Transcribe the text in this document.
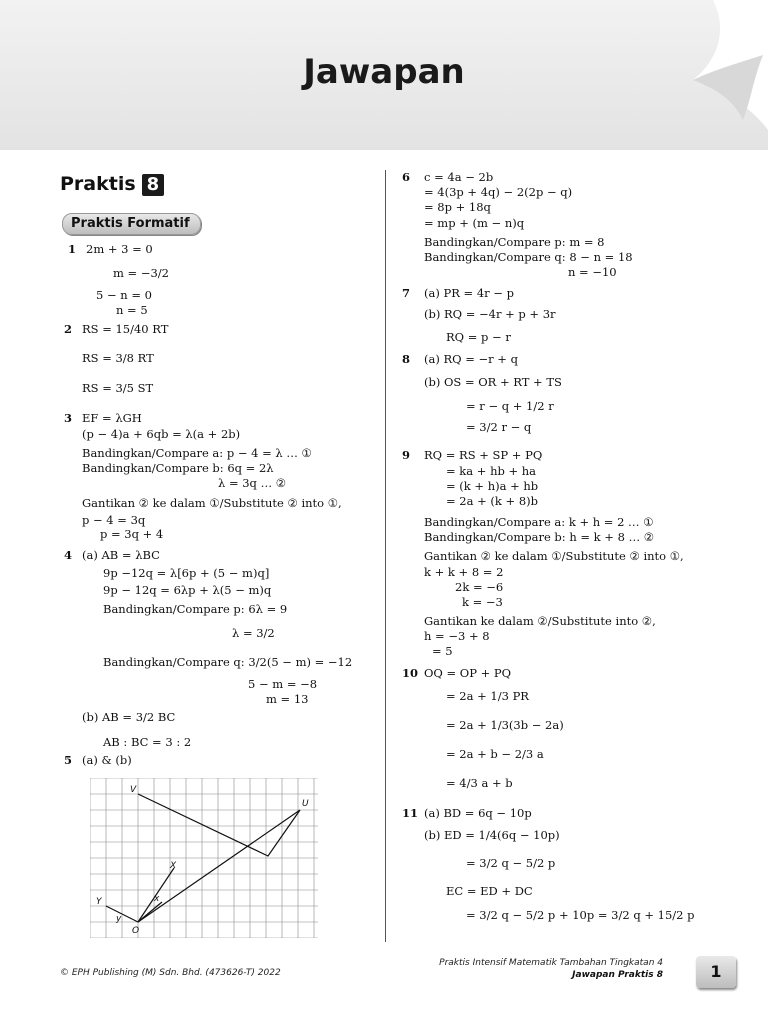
Jawapan
Praktis 8
Praktis Formatif
1 2m + 3 = 0
m = −3/2
5 − n = 0
n = 5
2 RS = 15/40 RT
RS = 3/8 RT
RS = 3/5 ST
3 EF = λGH
(p − 4)a + 6qb = λ(a + 2b)
Bandingkan/Compare a: p − 4 = λ … ①
Bandingkan/Compare b: 6q = 2λ
λ = 3q … ②
Gantikan ② ke dalam ①/Substitute ② into ①,
p − 4 = 3q
p = 3q + 4
4 (a) AB = λBC
9p −12q = λ[6p + (5 − m)q]
9p − 12q = 6λp + λ(5 − m)q
Bandingkan/Compare p: 6λ = 9
λ = 3/2
Bandingkan/Compare q: 3/2(5 − m) = −12
5 − m = −8
m = 13
(b) AB = 3/2 BC
AB : BC = 3 : 2
5 (a) & (b)
6 c = 4a − 2b
= 4(3p + 4q) − 2(2p − q)
= 8p + 18q
= mp + (m − n)q
Bandingkan/Compare p: m = 8
Bandingkan/Compare q: 8 − n = 18
n = −10
7 (a) PR = 4r − p
(b) RQ = −4r + p + 3r
RQ = p − r
8 (a) RQ = −r + q
(b) OS = OR + RT + TS
= r − q + 1/2 r
= 3/2 r − q
9 RQ = RS + SP + PQ
= ka + hb + ha
= (k + h)a + hb
= 2a + (k + 8)b
Bandingkan/Compare a: k + h = 2 … ①
Bandingkan/Compare b: h = k + 8 … ②
Gantikan ② ke dalam ①/Substitute ② into ①,
k + k + 8 = 2
2k = −6
k = −3
Gantikan ke dalam ②/Substitute into ②,
h = −3 + 8
= 5
10 OQ = OP + PQ
= 2a + 1/3 PR
= 2a + 1/3(3b − 2a)
= 2a + b − 2/3 a
= 4/3 a + b
11 (a) BD = 6q − 10p
(b) ED = 1/4(6q − 10p)
= 3/2 q − 5/2 p
EC = ED + DC
= 3/2 q − 5/2 p + 10p = 3/2 q + 15/2 p
V
U
X
Y
O
x
y
© EPH Publishing (M) Sdn. Bhd. (473626-T) 2022
Praktis Intensif Matematik Tambahan Tingkatan 4
Jawapan Praktis 8	1
